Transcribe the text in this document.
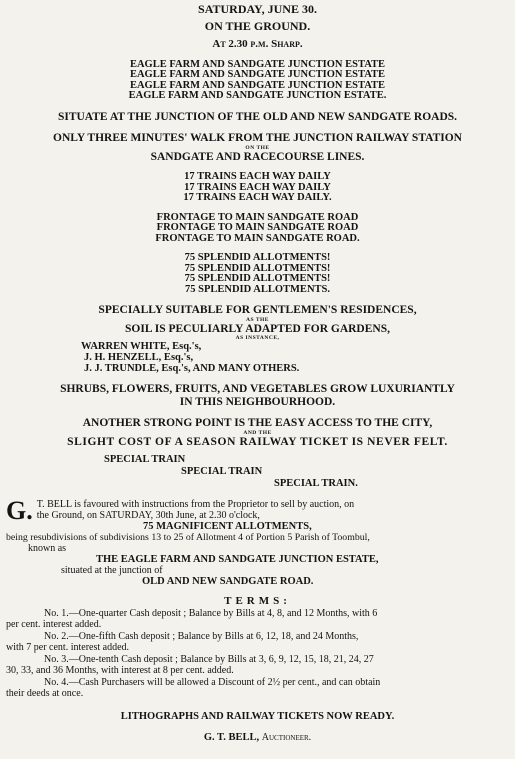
SATURDAY, JUNE 30.
ON THE GROUND.
At 2.30 p.m. Sharp.
EAGLE FARM AND SANDGATE JUNCTION ESTATE
EAGLE FARM AND SANDGATE JUNCTION ESTATE
EAGLE FARM AND SANDGATE JUNCTION ESTATE
EAGLE FARM AND SANDGATE JUNCTION ESTATE.
SITUATE AT THE JUNCTION OF THE OLD AND NEW SANDGATE ROADS.
ONLY THREE MINUTES' WALK FROM THE JUNCTION RAILWAY STATION
ON THE
SANDGATE AND RACECOURSE LINES.
17 TRAINS EACH WAY DAILY
17 TRAINS EACH WAY DAILY
17 TRAINS EACH WAY DAILY.
FRONTAGE TO MAIN SANDGATE ROAD
FRONTAGE TO MAIN SANDGATE ROAD
FRONTAGE TO MAIN SANDGATE ROAD.
75 SPLENDID ALLOTMENTS!
75 SPLENDID ALLOTMENTS!
75 SPLENDID ALLOTMENTS!
75 SPLENDID ALLOTMENTS.
SPECIALLY SUITABLE FOR GENTLEMEN'S RESIDENCES,
AS THE
SOIL IS PECULIARLY ADAPTED FOR GARDENS,
AS INSTANCE,
WARREN WHITE, Esq.'s,
J. H. HENZELL, Esq.'s,
J. J. TRUNDLE, Esq.'s, AND MANY OTHERS.
SHRUBS, FLOWERS, FRUITS, AND VEGETABLES GROW LUXURIANTLY
IN THIS NEIGHBOURHOOD.
ANOTHER STRONG POINT IS THE EASY ACCESS TO THE CITY,
AND THE
SLIGHT COST OF A SEASON RAILWAY TICKET IS NEVER FELT.
SPECIAL TRAIN
SPECIAL TRAIN
SPECIAL TRAIN.
G. T. BELL is favoured with instructions from the Proprietor to sell by auction, on
the Ground, on SATURDAY, 30th June, at 2.30 o'clock,
75 MAGNIFICENT ALLOTMENTS,
being resubdivisions of subdivisions 13 to 25 of Allotment 4 of Portion 5 Parish of Toombul,
known as
THE EAGLE FARM AND SANDGATE JUNCTION ESTATE,
situated at the junction of
OLD AND NEW SANDGATE ROAD.
TERMS:
No. 1.—One-quarter Cash deposit ; Balance by Bills at 4, 8, and 12 Months, with 6
per cent. interest added.
No. 2.—One-fifth Cash deposit ; Balance by Bills at 6, 12, 18, and 24 Months,
with 7 per cent. interest added.
No. 3.—One-tenth Cash deposit ; Balance by Bills at 3, 6, 9, 12, 15, 18, 21, 24, 27
30, 33, and 36 Months, with interest at 8 per cent. added.
No. 4.—Cash Purchasers will be allowed a Discount of 2½ per cent., and can obtain
their deeds at once.
LITHOGRAPHS AND RAILWAY TICKETS NOW READY.
G. T. BELL, Auctioneer.
